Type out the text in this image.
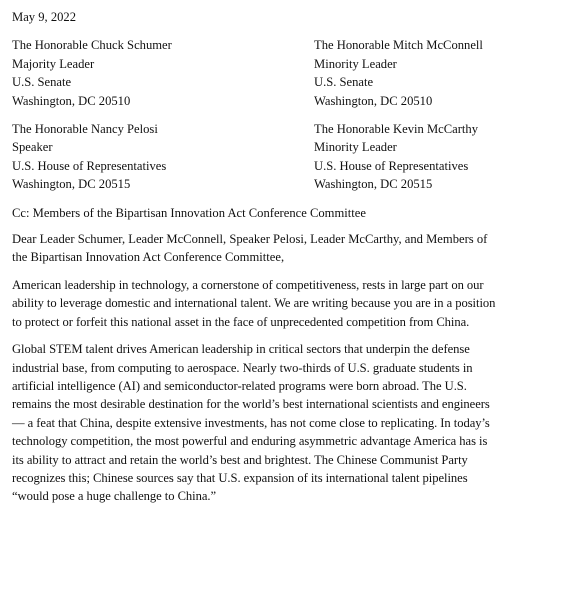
May 9, 2022
The Honorable Chuck Schumer
Majority Leader
U.S. Senate
Washington, DC 20510
The Honorable Mitch McConnell
Minority Leader
U.S. Senate
Washington, DC 20510
The Honorable Nancy Pelosi
Speaker
U.S. House of Representatives
Washington, DC 20515
The Honorable Kevin McCarthy
Minority Leader
U.S. House of Representatives
Washington, DC 20515
Cc: Members of the Bipartisan Innovation Act Conference Committee
Dear Leader Schumer, Leader McConnell, Speaker Pelosi, Leader McCarthy, and Members of
the Bipartisan Innovation Act Conference Committee,
American leadership in technology, a cornerstone of competitiveness, rests in large part on our
ability to leverage domestic and international talent. We are writing because you are in a position
to protect or forfeit this national asset in the face of unprecedented competition from China.
Global STEM talent drives American leadership in critical sectors that underpin the defense
industrial base, from computing to aerospace. Nearly two-thirds of U.S. graduate students in
artificial intelligence (AI) and semiconductor-related programs were born abroad. The U.S.
remains the most desirable destination for the world’s best international scientists and engineers
— a feat that China, despite extensive investments, has not come close to replicating. In today’s
technology competition, the most powerful and enduring asymmetric advantage America has is
its ability to attract and retain the world’s best and brightest. The Chinese Communist Party
recognizes this; Chinese sources say that U.S. expansion of its international talent pipelines
“would pose a huge challenge to China.”
